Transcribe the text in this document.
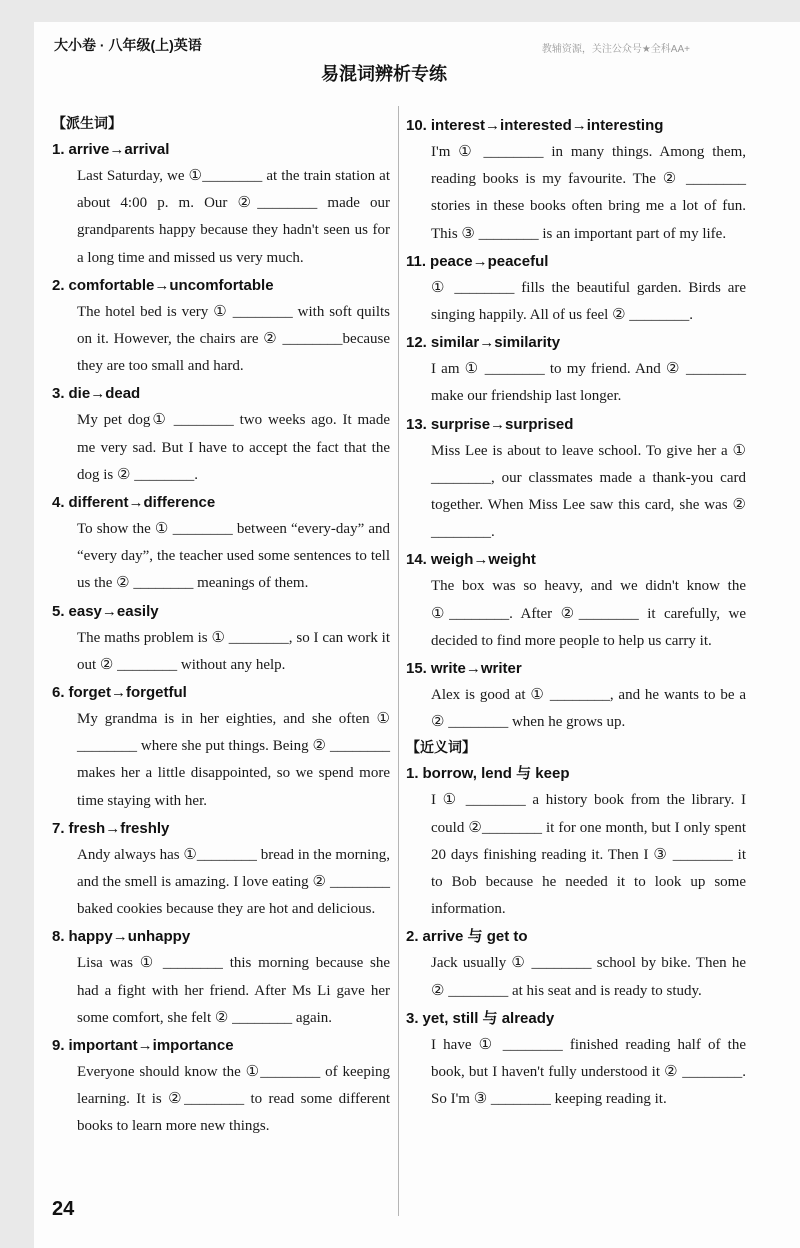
大小卷 · 八年级(上)英语	教辅资源，关注公众号★全科AA+
易混词辨析专练
【派生词】
1. arrive→arrival

Last Saturday, we ①________ at the train station at about 4:00 p. m. Our ②________ made our grandparents happy because they hadn't seen us for a long time and missed us very much.

2. comfortable→uncomfortable

The hotel bed is very ① ________ with soft quilts on it. However, the chairs are ② ________because they are too small and hard.

3. die→dead

My pet dog① ________ two weeks ago. It made me very sad. But I have to accept the fact that the dog is ② ________.

4. different→difference

To show the ① ________ between “every-day” and “every day”, the teacher used some sentences to tell us the ② ________ meanings of them.

5. easy→easily

The maths problem is ① ________, so I can work it out ② ________ without any help.

6. forget→forgetful

My grandma is in her eighties, and she often ① ________ where she put things. Being ② ________ makes her a little disappointed, so we spend more time staying with her.

7. fresh→freshly

Andy always has ①________ bread in the morning, and the smell is amazing. I love eating ② ________ baked cookies because they are hot and delicious.

8. happy→unhappy

Lisa was ① ________ this morning because she had a fight with her friend. After Ms Li gave her some comfort, she felt ② ________ again.

9. important→importance

Everyone should know the ①________ of keeping learning. It is ②________ to read some different books to learn more new things.

10. interest→interested→interesting

I'm ① ________ in many things. Among them, reading books is my favourite. The ② ________ stories in these books often bring me a lot of fun. This ③ ________ is an important part of my life.

11. peace→peaceful

① ________ fills the beautiful garden. Birds are singing happily. All of us feel ② ________.

12. similar→similarity

I am ① ________ to my friend. And ② ________ make our friendship last longer.

13. surprise→surprised

Miss Lee is about to leave school. To give her a ① ________, our classmates made a thank-you card together. When Miss Lee saw this card, she was ② ________.

14. weigh→weight

The box was so heavy, and we didn't know the ①________. After ②________ it carefully, we decided to find more people to help us carry it.

15. write→writer

Alex is good at ① ________, and he wants to be a ② ________ when he grows up.

【近义词】
1. borrow, lend 与 keep

I ① ________ a history book from the library. I could ②________ it for one month, but I only spent 20 days finishing reading it. Then I ③ ________ it to Bob because he needed it to look up some information.

2. arrive 与 get to

Jack usually ① ________ school by bike. Then he ② ________ at his seat and is ready to study.

3. yet, still 与 already

I have ① ________ finished reading half of the book, but I haven't fully understood it ② ________. So I'm ③ ________ keeping reading it.

24
